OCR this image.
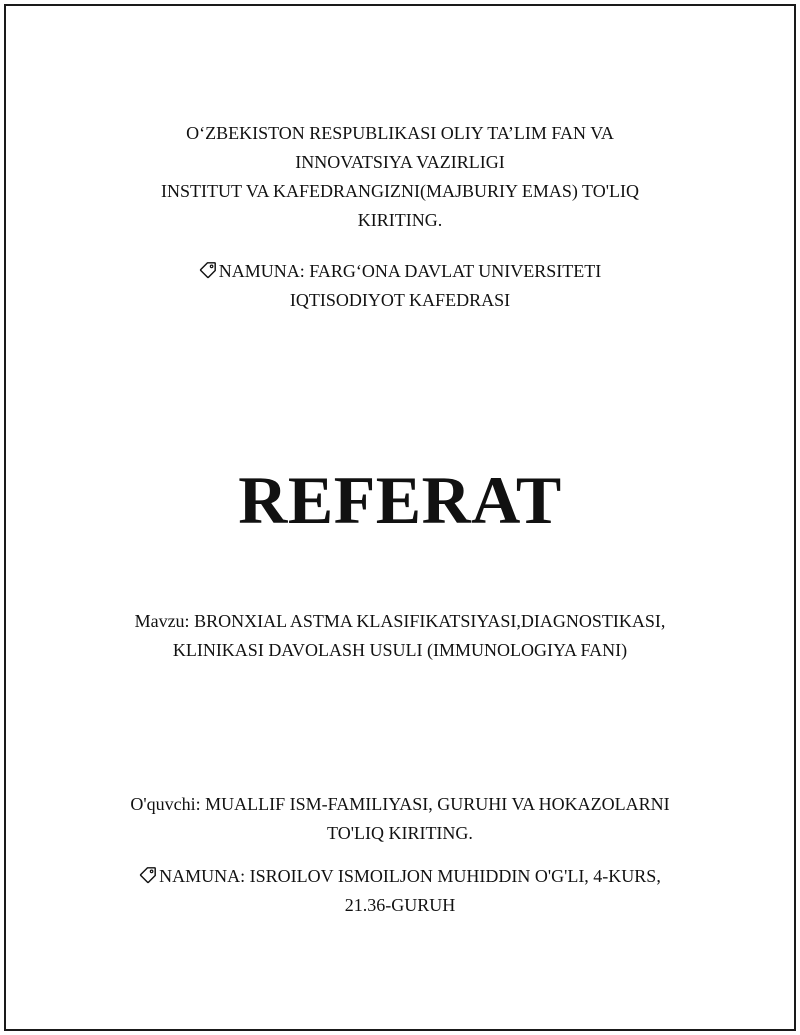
O‘ZBEKISTON RESPUBLIKASI OLIY TA’LIM FAN VA
INNOVATSIYA VAZIRLIGI
INSTITUT VA KAFEDRANGIZNI(MAJBURIY EMAS) TO'LIQ
KIRITING.
NAMUNA: FARG‘ONA DAVLAT UNIVERSITETI
IQTISODIYOT KAFEDRASI
REFERAT
Mavzu: BRONXIAL ASTMA KLASIFIKATSIYASI,DIAGNOSTIKASI,
KLINIKASI DAVOLASH USULI (IMMUNOLOGIYA FANI)
O'quvchi: MUALLIF ISM-FAMILIYASI, GURUHI VA HOKAZOLARNI
TO'LIQ KIRITING.
NAMUNA: ISROILOV ISMOILJON MUHIDDIN O'G'LI, 4-KURS,
21.36-GURUH
